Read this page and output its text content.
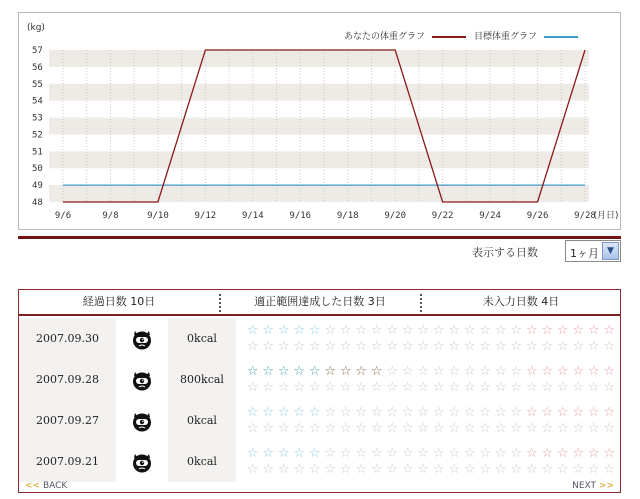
48
49
50
51
52
53
54
55
56
57
9/6	9/8	9/10	9/12	9/14	9/16	9/18	9/20	9/22	9/24	9/26	9/28
(月日)
(kg)
あなたの体重グラフ	目標体重グラフ
表示する日数	1ヶ月 ▼
経過日数 10日	適正範囲達成した日数 3日	未入力日数 4日
2007.09.30	0kcal
☆ ☆ ☆ ☆ ☆ ☆ ☆ ☆ ☆ ☆ ☆ ☆ ☆ ☆ ☆ ☆ ☆ ☆ ☆ ☆ ☆ ☆ ☆ ☆
☆ ☆ ☆ ☆ ☆ ☆ ☆ ☆ ☆ ☆ ☆ ☆ ☆ ☆ ☆ ☆ ☆ ☆ ☆ ☆ ☆ ☆ ☆ ☆
2007.09.28	800kcal
☆ ☆ ☆ ☆ ☆ ☆ ☆ ☆ ☆ ☆ ☆ ☆ ☆ ☆ ☆ ☆ ☆ ☆ ☆ ☆ ☆ ☆ ☆ ☆
☆ ☆ ☆ ☆ ☆ ☆ ☆ ☆ ☆ ☆ ☆ ☆ ☆ ☆ ☆ ☆ ☆ ☆ ☆ ☆ ☆ ☆ ☆ ☆
2007.09.27	0kcal
☆ ☆ ☆ ☆ ☆ ☆ ☆ ☆ ☆ ☆ ☆ ☆ ☆ ☆ ☆ ☆ ☆ ☆ ☆ ☆ ☆ ☆ ☆ ☆
☆ ☆ ☆ ☆ ☆ ☆ ☆ ☆ ☆ ☆ ☆ ☆ ☆ ☆ ☆ ☆ ☆ ☆ ☆ ☆ ☆ ☆ ☆ ☆
2007.09.21	0kcal
☆ ☆ ☆ ☆ ☆ ☆ ☆ ☆ ☆ ☆ ☆ ☆ ☆ ☆ ☆ ☆ ☆ ☆ ☆ ☆ ☆ ☆ ☆ ☆
☆ ☆ ☆ ☆ ☆ ☆ ☆ ☆ ☆ ☆ ☆ ☆ ☆ ☆ ☆ ☆ ☆ ☆ ☆ ☆ ☆ ☆ ☆ ☆
<< BACK	NEXT >>
